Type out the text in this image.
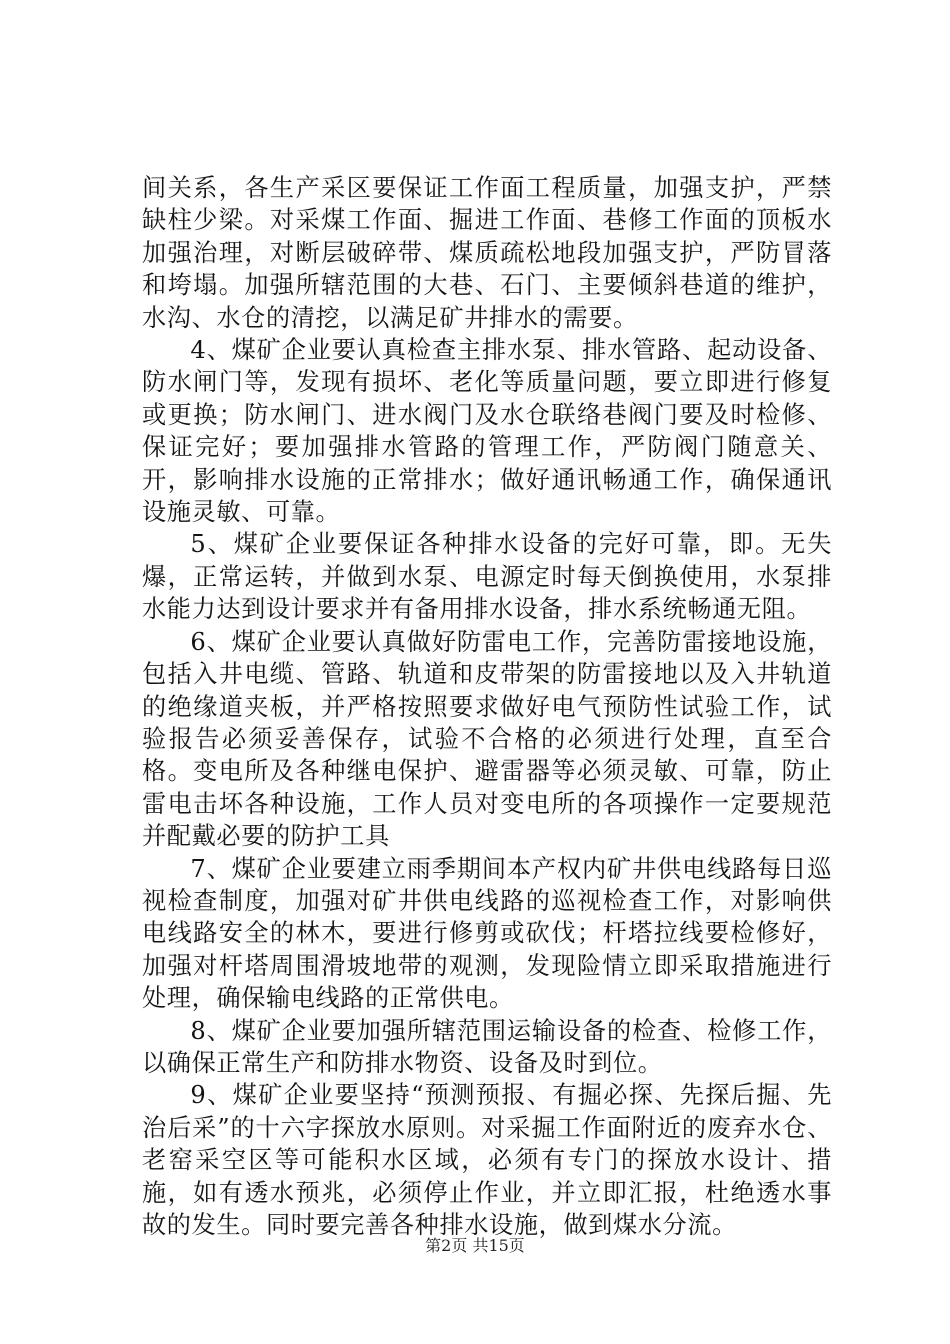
间关系，各生产采区要保证工作面工程质量，加强支护，严禁缺柱少梁。对采煤工作面、掘进工作面、巷修工作面的顶板水加强治理，对断层破碎带、煤质疏松地段加强支护，严防冒落和垮塌。加强所辖范围的大巷、石门、主要倾斜巷道的维护，水沟、水仓的清挖，以满足矿井排水的需要。

4、煤矿企业要认真检查主排水泵、排水管路、起动设备、防水闸门等，发现有损坏、老化等质量问题，要立即进行修复或更换；防水闸门、进水阀门及水仓联络巷阀门要及时检修、保证完好；要加强排水管路的管理工作，严防阀门随意关、开，影响排水设施的正常排水；做好通讯畅通工作，确保通讯设施灵敏、可靠。

5、煤矿企业要保证各种排水设备的完好可靠，即。无失爆，正常运转，并做到水泵、电源定时每天倒换使用，水泵排水能力达到设计要求并有备用排水设备，排水系统畅通无阻。

6、煤矿企业要认真做好防雷电工作，完善防雷接地设施，包括入井电缆、管路、轨道和皮带架的防雷接地以及入井轨道的绝缘道夹板，并严格按照要求做好电气预防性试验工作，试验报告必须妥善保存，试验不合格的必须进行处理，直至合格。变电所及各种继电保护、避雷器等必须灵敏、可靠，防止雷电击坏各种设施，工作人员对变电所的各项操作一定要规范并配戴必要的防护工具

7、煤矿企业要建立雨季期间本产权内矿井供电线路每日巡视检查制度，加强对矿井供电线路的巡视检查工作，对影响供电线路安全的林木，要进行修剪或砍伐；杆塔拉线要检修好，加强对杆塔周围滑坡地带的观测，发现险情立即采取措施进行处理，确保输电线路的正常供电。

8、煤矿企业要加强所辖范围运输设备的检查、检修工作，以确保正常生产和防排水物资、设备及时到位。

9、煤矿企业要坚持“预测预报、有掘必探、先探后掘、先治后采”的十六字探放水原则。对采掘工作面附近的废弃水仓、老窑采空区等可能积水区域，必须有专门的探放水设计、措施，如有透水预兆，必须停止作业，并立即汇报，杜绝透水事故的发生。同时要完善各种排水设施，做到煤水分流。

第2页 共15页
